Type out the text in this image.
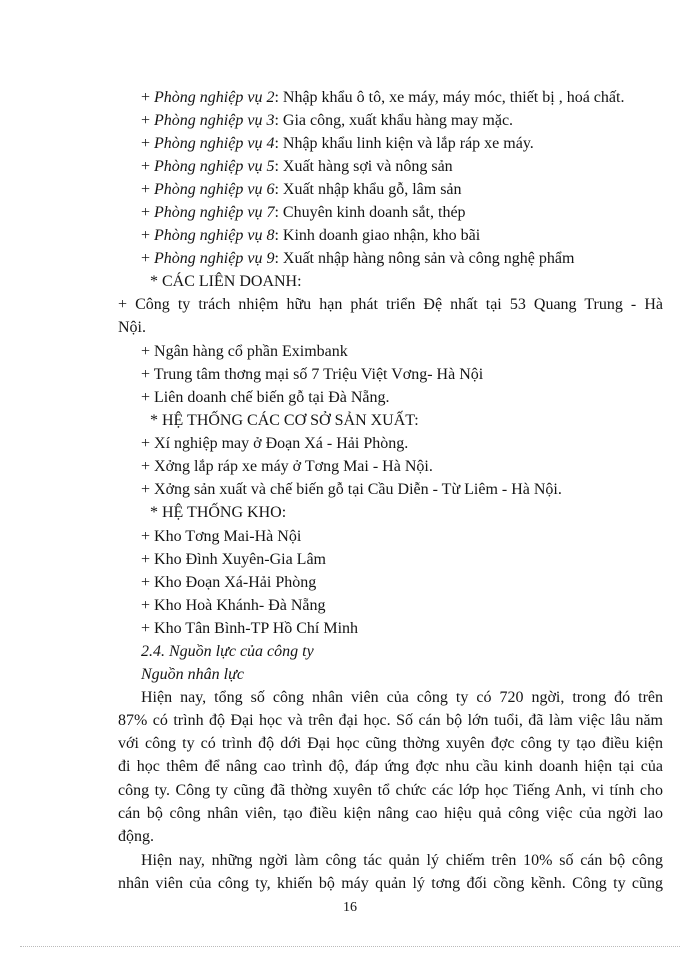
+ Phòng nghiệp vụ 2: Nhập khẩu ô tô, xe máy, máy móc, thiết bị , hoá chất.
+ Phòng nghiệp vụ 3: Gia công, xuất khẩu hàng may mặc.
+ Phòng nghiệp vụ 4: Nhập khẩu linh kiện và lắp ráp xe máy.
+ Phòng nghiệp vụ 5: Xuất hàng sợi và nông sản
+ Phòng nghiệp vụ 6: Xuất nhập khẩu gỗ, lâm sản
+ Phòng nghiệp vụ 7: Chuyên kinh doanh sắt, thép
+ Phòng nghiệp vụ 8: Kinh doanh giao nhận, kho bãi
+ Phòng nghiệp vụ 9: Xuất nhập hàng nông sản và công nghệ phẩm
* CÁC LIÊN DOANH:
+ Công ty trách nhiệm hữu hạn phát triển Đệ nhất tại 53 Quang Trung - Hà
Nội.
+ Ngân hàng cổ phần Eximbank
+ Trung tâm thơng mại số 7 Triệu Việt Vơng- Hà Nội
+ Liên doanh chế biến gỗ tại Đà Nẵng.
* HỆ THỐNG CÁC CƠ SỞ SẢN XUẤT:
+ Xí nghiệp may ở Đoạn Xá - Hải Phòng.
+ Xởng lắp ráp xe máy ở Tơng Mai - Hà Nội.
+ Xởng sản xuất và chế biến gỗ tại Cầu Diễn - Từ Liêm - Hà Nội.
* HỆ THỐNG KHO:
+ Kho Tơng Mai-Hà Nội
+ Kho Đình Xuyên-Gia Lâm
+ Kho Đoạn Xá-Hải Phòng
+ Kho Hoà Khánh- Đà Nẵng
+ Kho Tân Bình-TP Hồ Chí Minh
2.4. Nguồn lực của công ty
Nguồn nhân lực
Hiện nay, tổng số công nhân viên của công ty có 720 ngời, trong đó trên
87% có trình độ Đại học và trên đại học. Số cán bộ lớn tuổi, đã làm việc lâu năm
với công ty có trình độ dới Đại học cũng thờng xuyên đợc công ty tạo điều kiện
đi học thêm để nâng cao trình độ, đáp ứng đợc nhu cầu kinh doanh hiện tại của
công ty. Công ty cũng đã thờng xuyên tổ chức các lớp học Tiếng Anh, vi tính cho
cán bộ công nhân viên, tạo điều kiện nâng cao hiệu quả công việc của ngời lao
động.
Hiện nay, những ngời làm công tác quản lý chiếm trên 10% số cán bộ công
nhân viên của công ty, khiến bộ máy quản lý tơng đối cồng kềnh. Công ty cũng
16
